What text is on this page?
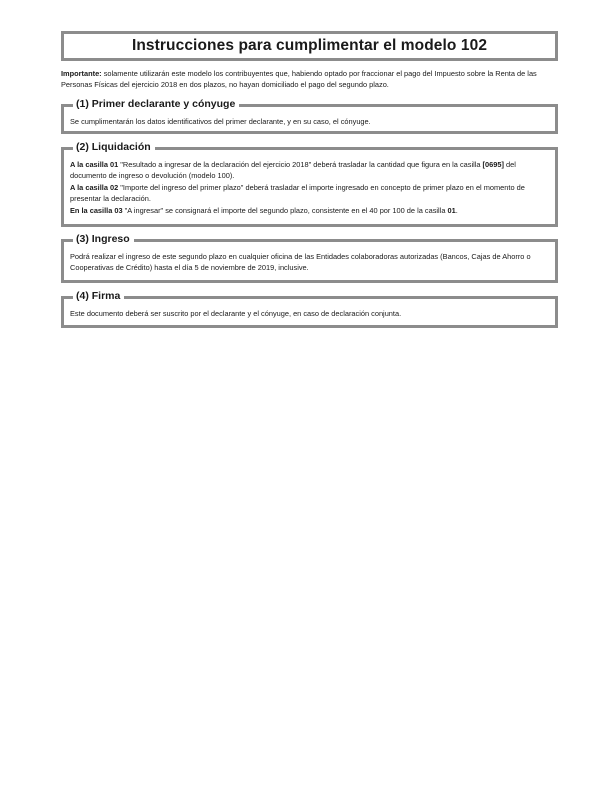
Instrucciones para cumplimentar el modelo 102

Importante: solamente utilizarán este modelo los contribuyentes que, habiendo optado por fraccionar el pago del Impuesto sobre la Renta de las Personas Físicas del ejercicio 2018 en dos plazos, no hayan domiciliado el pago del segundo plazo.

(1) Primer declarante y cónyuge

Se cumplimentarán los datos identificativos del primer declarante, y en su caso, el cónyuge.

(2) Liquidación

A la casilla 01 "Resultado a ingresar de la declaración del ejercicio 2018" deberá trasladar la cantidad que figura en la casilla [0695] del documento de ingreso o devolución (modelo 100).

A la casilla 02 "Importe del ingreso del primer plazo" deberá trasladar el importe ingresado en concepto de primer plazo en el momento de presentar la declaración.

En la casilla 03 "A ingresar" se consignará el importe del segundo plazo, consistente en el 40 por 100 de la casilla 01.

(3) Ingreso

Podrá realizar el ingreso de este segundo plazo en cualquier oficina de las Entidades colaboradoras autorizadas (Bancos, Cajas de Ahorro o Cooperativas de Crédito) hasta el día 5 de noviembre de 2019, inclusive.

(4) Firma

Este documento deberá ser suscrito por el declarante y el cónyuge, en caso de declaración conjunta.
